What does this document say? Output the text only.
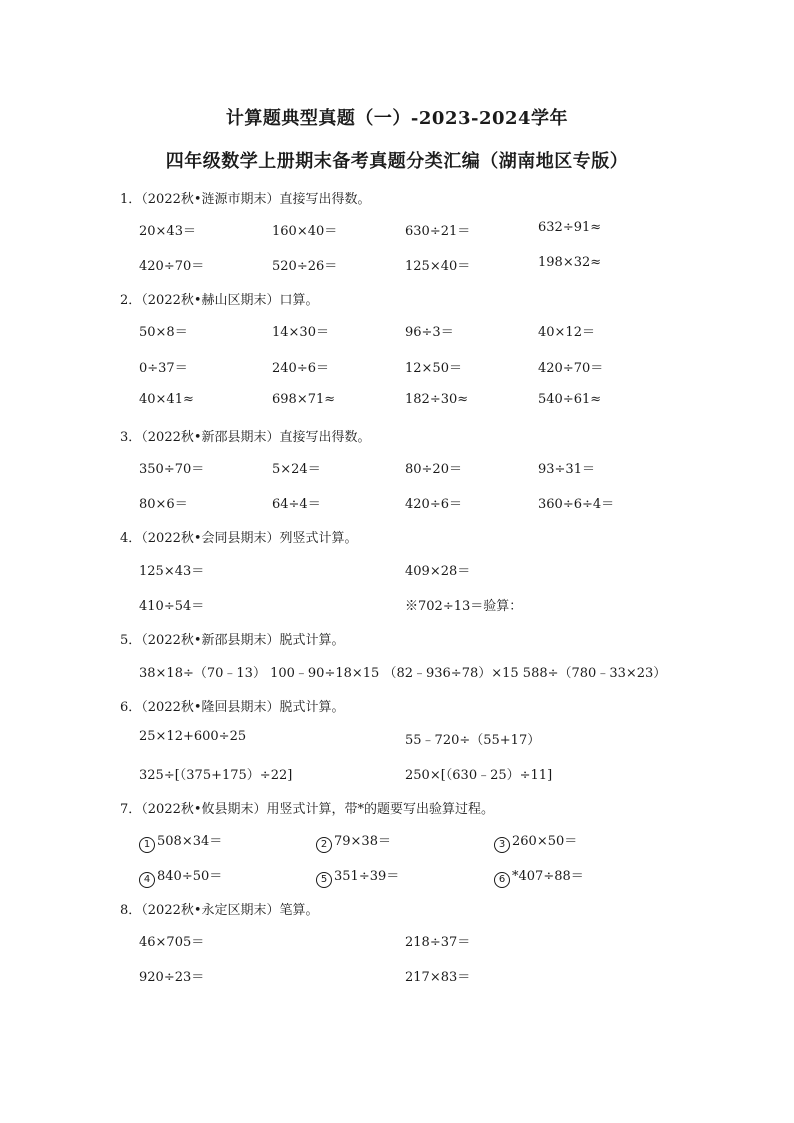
计算题典型真题（一）-2023-2024学年
四年级数学上册期末备考真题分类汇编（湖南地区专版）
1．（2022秋•涟源市期末）直接写出得数。
20×43＝	160×40＝	630÷21＝	632÷91≈
420÷70＝	520÷26＝	125×40＝	198×32≈
2．（2022秋•赫山区期末）口算。
50×8＝	14×30＝	96÷3＝	40×12＝
0÷37＝	240÷6＝	12×50＝	420÷70＝
40×41≈	698×71≈	182÷30≈	540÷61≈
3．（2022秋•新邵县期末）直接写出得数。
350÷70＝	5×24＝	80÷20＝	93÷31＝
80×6＝	64÷4＝	420÷6＝	360÷6÷4＝
4．（2022秋•会同县期末）列竖式计算。
125×43＝	409×28＝
410÷54＝	※702÷13＝验算：
5．（2022秋•新邵县期末）脱式计算。
38×18÷（70﹣13） 100﹣90÷18×15 （82﹣936÷78）×15 588÷（780﹣33×23）
6．（2022秋•隆回县期末）脱式计算。
25×12+600÷25	55﹣720÷（55+17）
325÷[（375+175）÷22]	250×[（630﹣25）÷11]
7．（2022秋•攸县期末）用竖式计算，带*的题要写出验算过程。
1 508×34＝	2 79×38＝	3 260×50＝
4 840÷50＝	5 351÷39＝	6 *407÷88＝
8．（2022秋•永定区期末）笔算。
46×705＝	218÷37＝
920÷23＝	217×83＝
